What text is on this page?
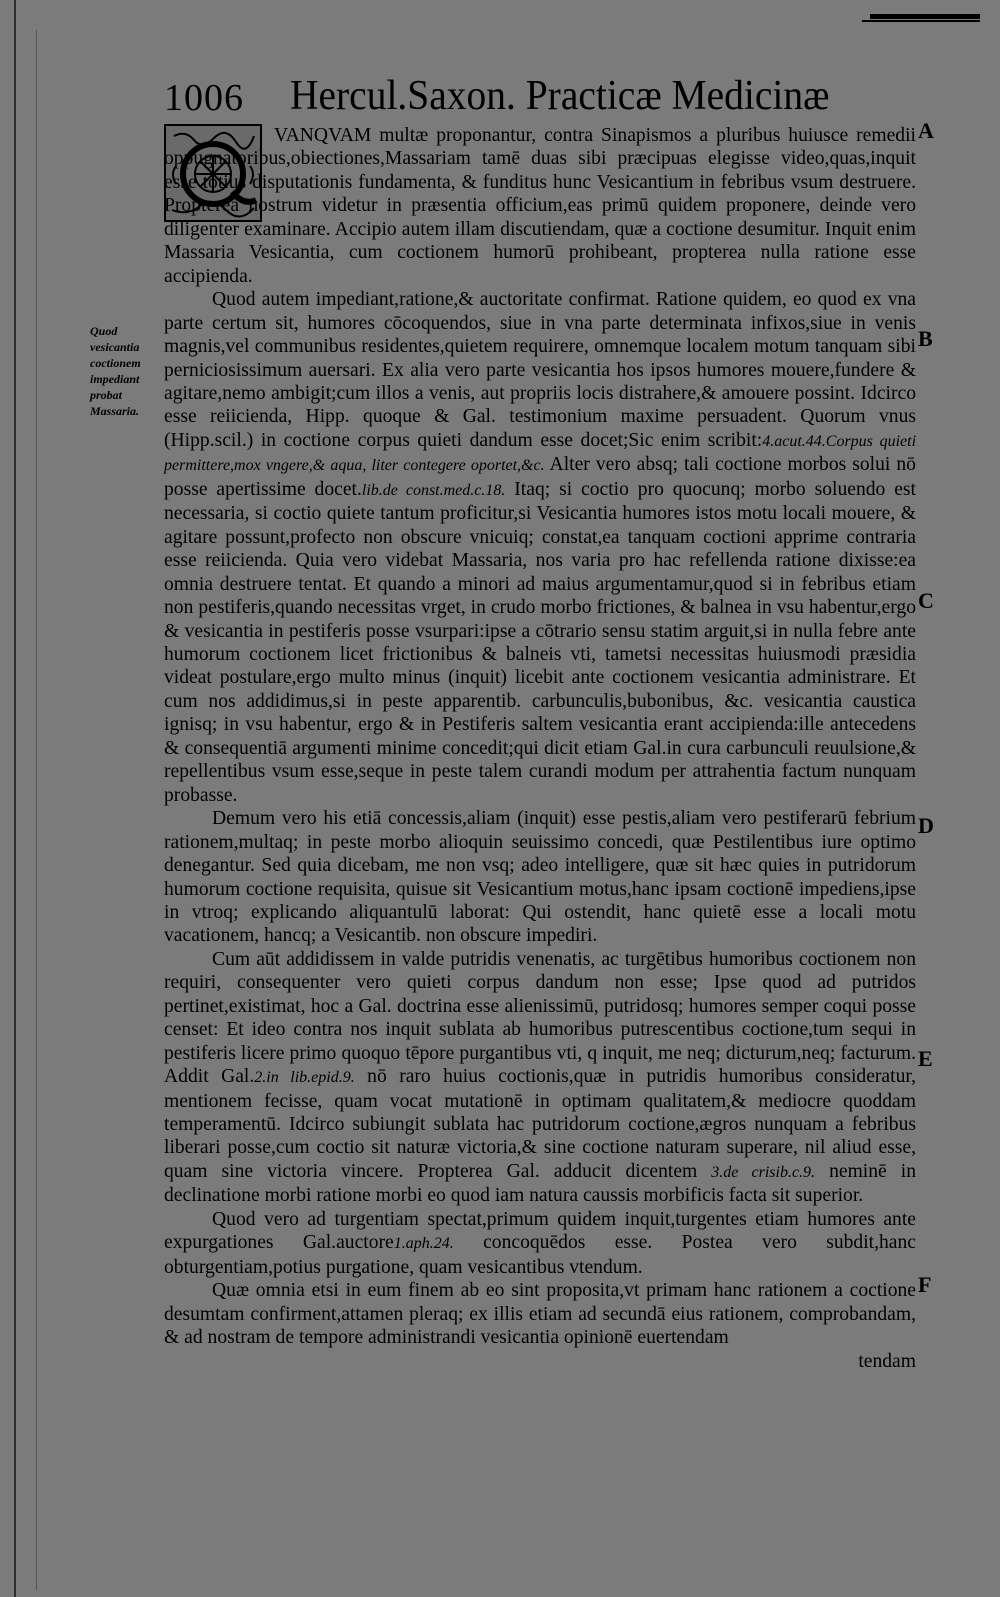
1006 Hercul.Saxon. Practicæ Medicinæ
Quod vesicantia coctionem impediant probat Massaria.
A
B
C
D
E
F

VANQVAM multæ proponantur, contra Sinapismos a pluribus huiusce remedii oppugnatoribus,obiectiones,Massariam tamē duas sibi præcipuas elegisse video,quas,inquit esse totius disputationis fundamenta, & funditus hunc Vesicantium in febribus vsum destruere. Propterea nostrum videtur in præsentia officium,eas primū quidem proponere, deinde vero diligenter examinare. Accipio autem illam discutiendam, quæ a coctione desumitur. Inquit enim Massaria Vesicantia, cum coctionem humorū prohibeant, propterea nulla ratione esse accipienda.

Quod autem impediant,ratione,& auctoritate confirmat. Ratione quidem, eo quod ex vna parte certum sit, humores cōcoquendos, siue in vna parte determinata infixos,siue in venis magnis,vel communibus residentes,quietem requirere, omnemque localem motum tanquam sibi perniciosissimum auersari. Ex alia vero parte vesicantia hos ipsos humores mouere,fundere & agitare,nemo ambigit;cum illos a venis, aut propriis locis distrahere,& amouere possint. Idcirco esse reiicienda, Hipp. quoque & Gal. testimonium maxime persuadent. Quorum vnus (Hipp.scil.) in coctione corpus quieti dandum esse docet;Sic enim scribit:4.acut.44.Corpus quieti permittere,mox vngere,& aqua, liter contegere oportet,&c. Alter vero absq; tali coctione morbos solui nō posse apertissime docet.lib.de const.med.c.18. Itaq; si coctio pro quocunq; morbo soluendo est necessaria, si coctio quiete tantum proficitur,si Vesicantia humores istos motu locali mouere, & agitare possunt,profecto non obscure vnicuiq; constat,ea tanquam coctioni apprime contraria esse reiicienda. Quia vero videbat Massaria, nos varia pro hac refellenda ratione dixisse:ea omnia destruere tentat. Et quando a minori ad maius argumentamur,quod si in febribus etiam non pestiferis,quando necessitas vrget, in crudo morbo frictiones, & balnea in vsu habentur,ergo & vesicantia in pestiferis posse vsurpari:ipse a cōtrario sensu statim arguit,si in nulla febre ante humorum coctionem licet frictionibus & balneis vti, tametsi necessitas huiusmodi præsidia videat postulare,ergo multo minus (inquit) licebit ante coctionem vesicantia administrare. Et cum nos addidimus,si in peste apparentib. carbunculis,bubonibus, &c. vesicantia caustica ignisq; in vsu habentur, ergo & in Pestiferis saltem vesicantia erant accipienda:ille antecedens & consequentiā argumenti minime concedit;qui dicit etiam Gal.in cura carbunculi reuulsione,& repellentibus vsum esse,seque in peste talem curandi modum per attrahentia factum nunquam probasse.

Demum vero his etiā concessis,aliam (inquit) esse pestis,aliam vero pestiferarū febrium rationem,multaq; in peste morbo alioquin seuissimo concedi, quæ Pestilentibus iure optimo denegantur. Sed quia dicebam, me non vsq; adeo intelligere, quæ sit hæc quies in putridorum humorum coctione requisita, quisue sit Vesicantium motus,hanc ipsam coctionē impediens,ipse in vtroq; explicando aliquantulū laborat: Qui ostendit, hanc quietē esse a locali motu vacationem, hancq; a Vesicantib. non obscure impediri.

Cum aūt addidissem in valde putridis venenatis, ac turgētibus humoribus coctionem non requiri, consequenter vero quieti corpus dandum non esse; Ipse quod ad putridos pertinet,existimat, hoc a Gal. doctrina esse alienissimū, putridosq; humores semper coqui posse censet: Et ideo contra nos inquit sublata ab humoribus putrescentibus coctione,tum sequi in pestiferis licere primo quoquo tēpore purgantibus vti, q inquit, me neq; dicturum,neq; facturum. Addit Gal.2.in lib.epid.9. nō raro huius coctionis,quæ in putridis humoribus consideratur, mentionem fecisse, quam vocat mutationē in optimam qualitatem,& mediocre quoddam temperamentū. Idcirco subiungit sublata hac putridorum coctione,ægros nunquam a febribus liberari posse,cum coctio sit naturæ victoria,& sine coctione naturam superare, nil aliud esse, quam sine victoria vincere. Propterea Gal. adducit dicentem 3.de crisib.c.9. neminē in declinatione morbi ratione morbi eo quod iam natura caussis morbificis facta sit superior.

Quod vero ad turgentiam spectat,primum quidem inquit,turgentes etiam humores ante expurgationes Gal.auctore1.aph.24. concoquēdos esse. Postea vero subdit,hanc obturgentiam,potius purgatione, quam vesicantibus vtendum.

Quæ omnia etsi in eum finem ab eo sint proposita,vt primam hanc rationem a coctione desumtam confirment,attamen pleraq; ex illis etiam ad secundā eius rationem, comprobandam, & ad nostram de tempore administrandi vesicantia opinionē euertendam

tendam
